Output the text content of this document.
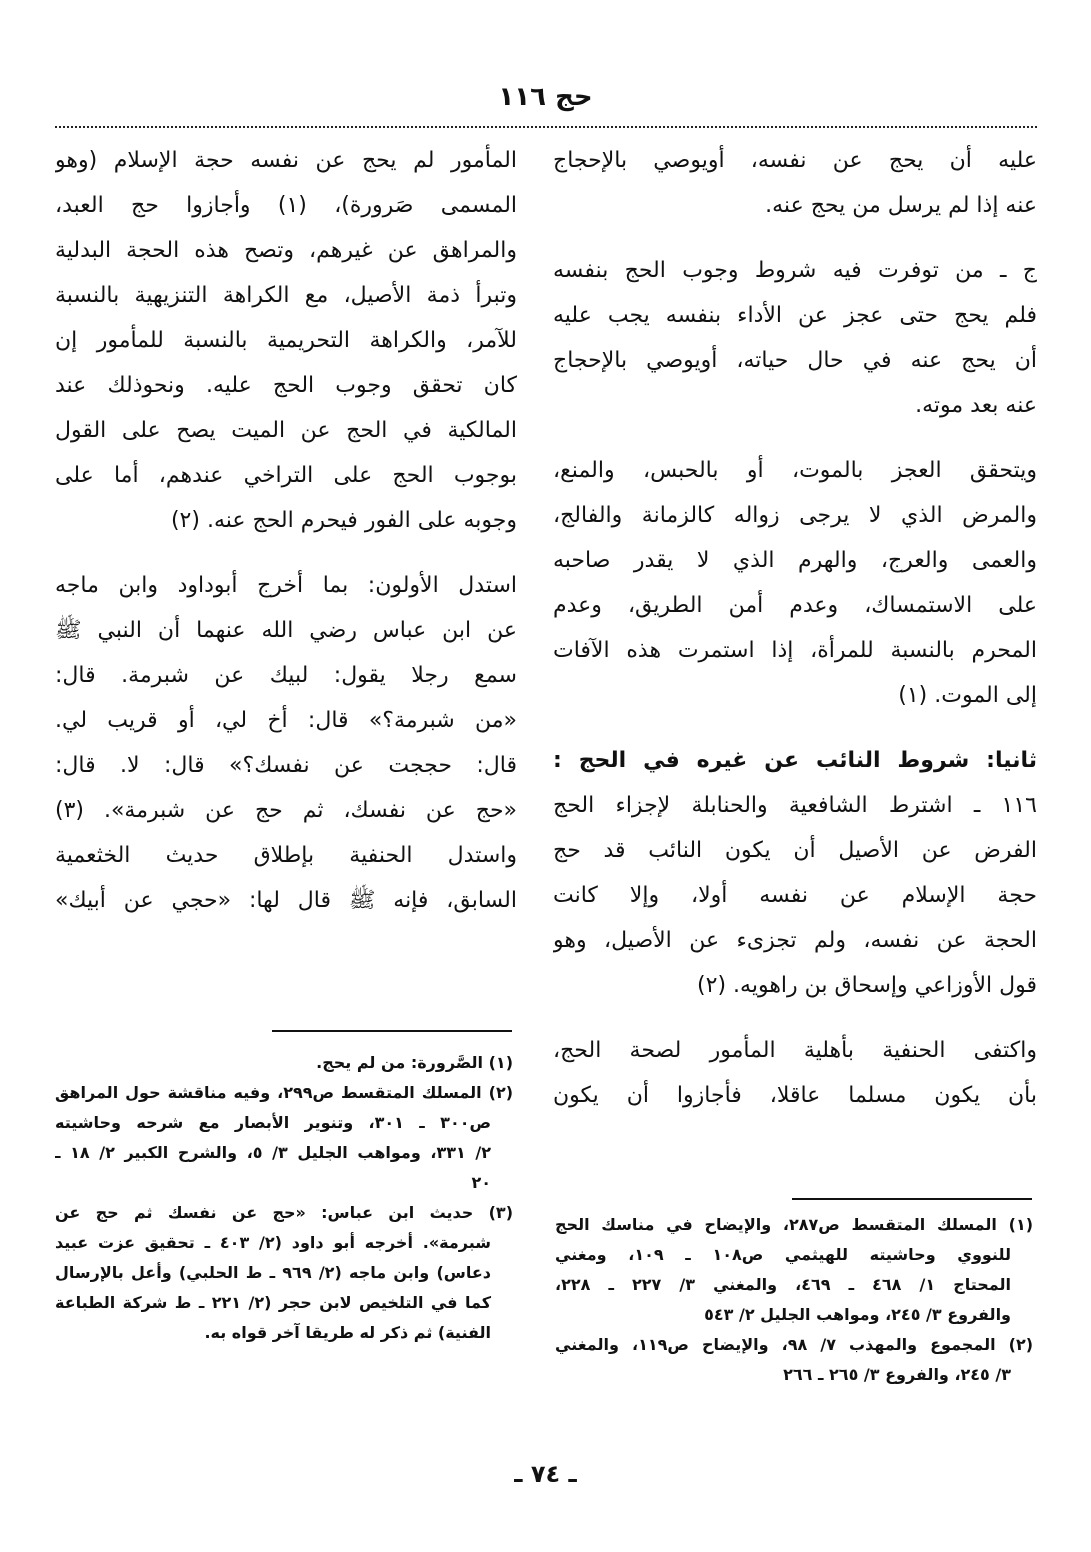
حج ١١٦
عليه أن يحج عن نفسه، أويوصي بالإحجاج
عنه إذا لم يرسل من يحج عنه.
ج ـ من توفرت فيه شروط وجوب الحج بنفسه
فلم يحج حتى عجز عن الأداء بنفسه يجب عليه
أن يحج عنه في حال حياته، أويوصي بالإحجاج
عنه بعد موته.
ويتحقق العجز بالموت، أو بالحبس، والمنع،
والمرض الذي لا يرجى زواله كالزمانة والفالج،
والعمى والعرج، والهرم الذي لا يقدر صاحبه
على الاستمساك، وعدم أمن الطريق، وعدم
المحرم بالنسبة للمرأة، إذا استمرت هذه الآفات
إلى الموت. (١)
ثانيا: شروط النائب عن غيره في الحج :
١١٦ ـ اشترط الشافعية والحنابلة لإجزاء الحج
الفرض عن الأصيل أن يكون النائب قد حج
حجة الإسلام عن نفسه أولا، وإلا كانت
الحجة عن نفسه، ولم تجزىء عن الأصيل، وهو
قول الأوزاعي وإسحاق بن راهويه. (٢)
واكتفى الحنفية بأهلية المأمور لصحة الحج،
بأن يكون مسلما عاقلا، فأجازوا أن يكون
المأمور لم يحج عن نفسه حجة الإسلام (وهو
المسمى صَرورة)، (١) وأجازوا حج العبد،
والمراهق عن غيرهم، وتصح هذه الحجة البدلية
وتبرأ ذمة الأصيل، مع الكراهة التنزيهية بالنسبة
للآمر، والكراهة التحريمية بالنسبة للمأمور إن
كان تحقق وجوب الحج عليه. ونحوذلك عند
المالكية في الحج عن الميت يصح على القول
بوجوب الحج على التراخي عندهم، أما على
وجوبه على الفور فيحرم الحج عنه. (٢)
استدل الأولون: بما أخرج أبوداود وابن ماجه
عن ابن عباس رضي الله عنهما أن النبي ﷺ
سمع رجلا يقول: لبيك عن شبرمة. قال:
«من شبرمة؟» قال: أخ لي، أو قريب لي.
قال: حججت عن نفسك؟» قال: لا. قال:
«حج عن نفسك، ثم حج عن شبرمة». (٣)
واستدل الحنفية بإطلاق حديث الخثعمية
السابق، فإنه ﷺ قال لها: «حجي عن أبيك»
(١) الصَّرورة: من لم يحج.
(٢) المسلك المتقسط ص٢٩٩، وفيه مناقشة حول المراهق
ص٣٠٠ ـ ٣٠١، وتنوير الأبصار مع شرحه وحاشيته
٢/ ٣٣١، ومواهب الجليل ٣/ ٥، والشرح الكبير ٢/ ١٨ ـ
٢٠
(٣) حديث ابن عباس: «حج عن نفسك ثم حج عن
شبرمة». أخرجه أبو داود (٢/ ٤٠٣ ـ تحقيق عزت عبيد
دعاس) وابن ماجه (٢/ ٩٦٩ ـ ط الحلبي) وأعل بالإرسال
كما في التلخيص لابن حجر (٢/ ٢٢١ ـ ط شركة الطباعة
الفنية) ثم ذكر له طريقا آخر قواه به.
(١) المسلك المتقسط ص٢٨٧، والإيضاح في مناسك الحج
للنووي وحاشيته للهيثمي ص١٠٨ ـ ١٠٩، ومغني
المحتاج ١/ ٤٦٨ ـ ٤٦٩، والمغني ٣/ ٢٢٧ ـ ٢٢٨،
والفروع ٣/ ٢٤٥، ومواهب الجليل ٢/ ٥٤٣
(٢) المجموع والمهذب ٧/ ٩٨، والإيضاح ص١١٩، والمغني
٣/ ٢٤٥، والفروع ٣/ ٢٦٥ ـ ٢٦٦
ـ ٧٤ ـ
